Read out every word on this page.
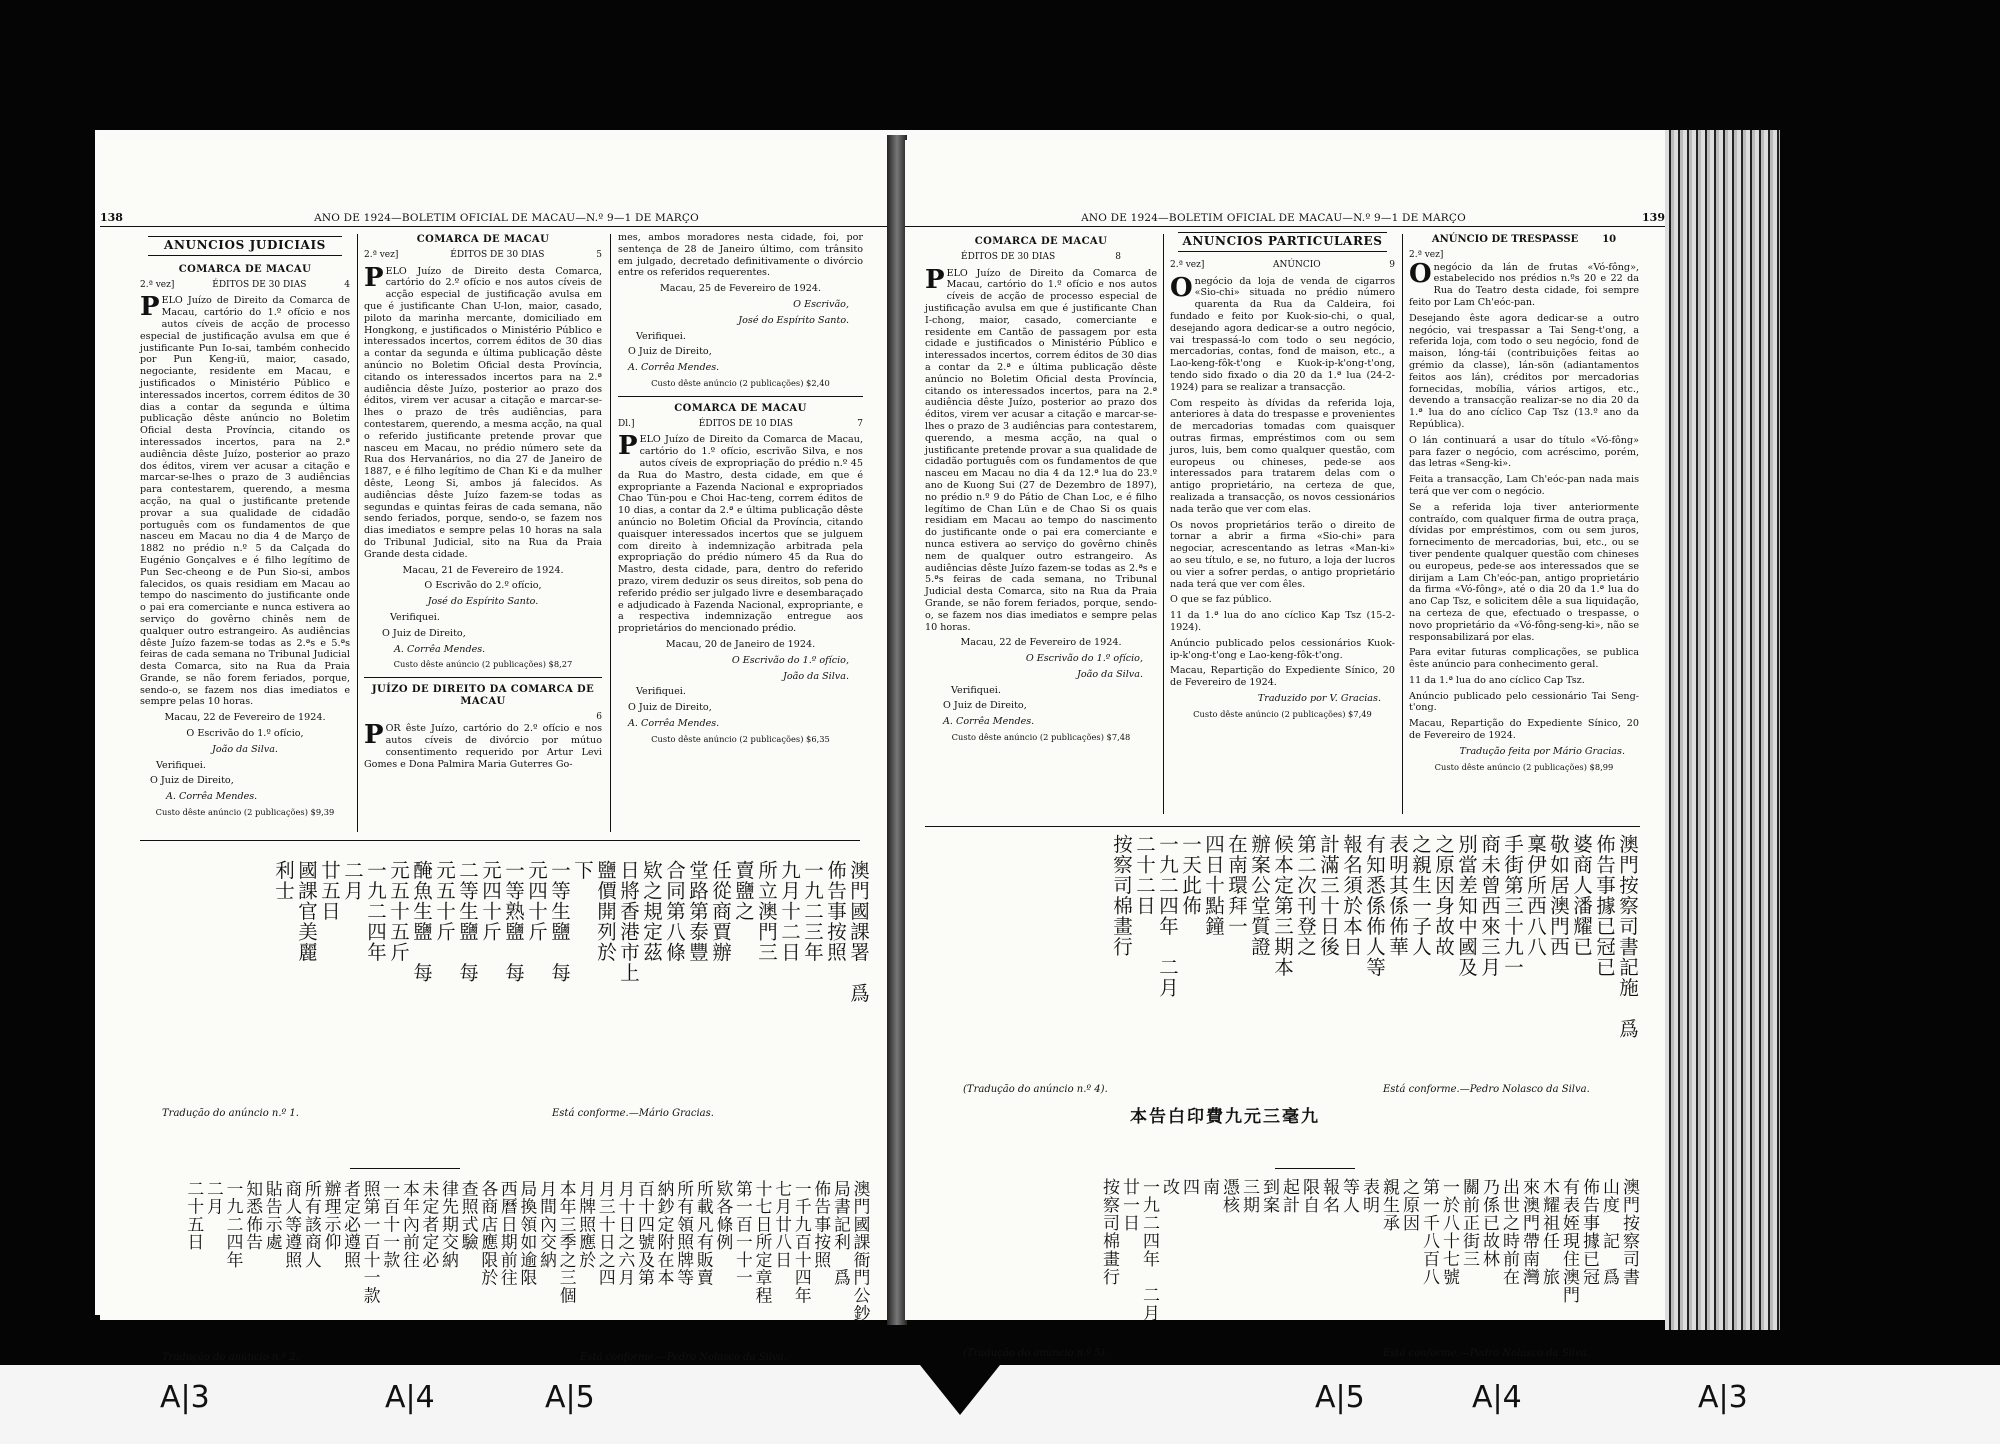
138	ANO DE 1924—BOLETIM OFICIAL DE MACAU—N.º 9—1 DE MARÇO
ANUNCIOS JUDICIAIS
COMARCA DE MACAU
2.ª vez]	ÉDITOS DE 30 DIAS	4

PELO Juízo de Direito da Comarca de Macau, cartório do 1.º ofício e nos autos cíveis de acção de processo especial de justificação avulsa em que é justificante Pun Io-sai, também conhecido por Pun Keng-iü, maior, casado, negociante, residente em Macau, e justificados o Ministério Público e interessados incertos, correm éditos de 30 dias a contar da segunda e última publicação dêste anúncio no Boletim Oficial desta Província, citando os interessados incertos, para na 2.ª audiência dêste Juízo, posterior ao prazo dos éditos, virem ver acusar a citação e marcar-se-lhes o prazo de 3 audiências para contestarem, querendo, a mesma acção, na qual o justificante pretende provar a sua qualidade de cidadão português com os fundamentos de que nasceu em Macau no dia 4 de Março de 1882 no prédio n.º 5 da Calçada do Eugénio Gonçalves e é filho legítimo de Pun Sec-cheong e de Pun Sio-si, ambos falecidos, os quais residiam em Macau ao tempo do nascimento do justificante onde o pai era comerciante e nunca estivera ao serviço do govêrno chinês nem de qualquer outro estrangeiro. As audiências dêste Juízo fazem-se todas as 2.ªs e 5.ªs feiras de cada semana no Tribunal Judicial desta Comarca, sito na Rua da Praia Grande, se não forem feriados, porque, sendo-o, se fazem nos dias imediatos e sempre pelas 10 horas.

Macau, 22 de Fevereiro de 1924.

O Escrivão do 1.º ofício,

João da Silva.

Verifiquei.

O Juiz de Direito,

A. Corrêa Mendes.

Custo dêste anúncio (2 publicações) $9,39
COMARCA DE MACAU
2.ª vez]	ÉDITOS DE 30 DIAS	5

PELO Juízo de Direito desta Comarca, cartório do 2.º ofício e nos autos cíveis de acção especial de justificação avulsa em que é justificante Chan U-lon, maior, casado, piloto da marinha mercante, domiciliado em Hongkong, e justificados o Ministério Público e interessados incertos, correm éditos de 30 dias a contar da segunda e última publicação dêste anúncio no Boletim Oficial desta Província, citando os interessados incertos para na 2.ª audiência dêste Juízo, posterior ao prazo dos éditos, virem ver acusar a citação e marcar-se-lhes o prazo de três audiências, para contestarem, querendo, a mesma acção, na qual o referido justificante pretende provar que nasceu em Macau, no prédio número sete da Rua dos Hervanários, no dia 27 de Janeiro de 1887, e é filho legítimo de Chan Ki e da mulher dêste, Leong Si, ambos já falecidos. As audiências dêste Juízo fazem-se todas as segundas e quintas feiras de cada semana, não sendo feriados, porque, sendo-o, se fazem nos dias imediatos e sempre pelas 10 horas na sala do Tribunal Judicial, sito na Rua da Praia Grande desta cidade.

Macau, 21 de Fevereiro de 1924.

O Escrivão do 2.º ofício,

José do Espírito Santo.

Verifiquei.

O Juiz de Direito,

A. Corrêa Mendes.

Custo dêste anúncio (2 publicações) $8,27
JUÍZO DE DIREITO DA COMARCA DE MACAU
6

POR êste Juízo, cartório do 2.º ofício e nos autos cíveis de divórcio por mútuo consentimento requerido por Artur Levi Gomes e Dona Palmira Maria Guterres Go-

mes, ambos moradores nesta cidade, foi, por sentença de 28 de Janeiro último, com trânsito em julgado, decretado definitivamente o divórcio entre os referidos requerentes.

Macau, 25 de Fevereiro de 1924.

O Escrivão,

José do Espírito Santo.

Verifiquei.

O Juiz de Direito,

A. Corrêa Mendes.

Custo dêste anúncio (2 publicações) $2,40
COMARCA DE MACAU
Dl.]	ÉDITOS DE 10 DIAS	7

PELO Juízo de Direito da Comarca de Macau, cartório do 1.º ofício, escrivão Silva, e nos autos cíveis de expropriação do prédio n.º 45 da Rua do Mastro, desta cidade, em que é expropriante a Fazenda Nacional e expropriados Chao Tün-pou e Choi Hac-teng, correm éditos de 10 dias, a contar da 2.ª e última publicação dêste anúncio no Boletim Oficial da Província, citando quaisquer interessados incertos que se julguem com direito à indemnização arbitrada pela expropriação do prédio número 45 da Rua do Mastro, desta cidade, para, dentro do referido prazo, virem deduzir os seus direitos, sob pena do referido prédio ser julgado livre e desembaraçado e adjudicado à Fazenda Nacional, expropriante, e a respectiva indemnização entregue aos proprietários do mencionado prédio.

Macau, 20 de Janeiro de 1924.

O Escrivão do 1.º ofício,

João da Silva.

Verifiquei.

O Juiz de Direito,

A. Corrêa Mendes.

Custo dêste anúncio (2 publicações) $6,35
澳門國課署　爲
佈告事按照
一九二三年
九月十二日
所立澳門三
賣鹽之
任從商賈辦
堂路第泰豐
合同第八條
欵之規定茲
日將香港市上
鹽價開列於
下
一等生鹽　每
元四十斤
一等熟鹽　每
元四十斤
二等生鹽　每
元五十斤
醃魚生鹽　每
元五十五斤
一九二四年
二月
廿五日
國課官美麗
利士
Tradução do anúncio n.º 1.	Está conforme.—Mário Gracias.
澳門國課衙門公鈔
局書記利　爲
佈告事按照
一千九百十四年
七月廿八日
十七日所定章程
第一百一十一
欵各條例
所載凡有販賣
所有領照牌等
納鈔定附在本
百十四號及第
月十日之六月
月三十日之四
月牌照應於
本年三季之三個
月間內交納
局換領如逾限
西曆日期前往
各商店應限於
查照式驗
律先期交納
未定者定必
本年內前往
一百十一款
照第一百十一款
者定必遵照
辦理示仰
所有該商人
商人等遵照
貼告示處
知悉佈告
一九二四年
二月
二十五日
Tradução do anúncio n.º 2.	Está conforme.—Pedro Nolasco da Silva.
ANO DE 1924—BOLETIM OFICIAL DE MACAU—N.º 9—1 DE MARÇO	139
COMARCA DE MACAU
ÉDITOS DE 30 DIAS	8

PELO Juízo de Direito da Comarca de Macau, cartório do 1.º ofício e nos autos cíveis de acção de processo especial de justificação avulsa em que é justificante Chan I-chong, maior, casado, comerciante e residente em Cantão de passagem por esta cidade e justificados o Ministério Público e interessados incertos, correm éditos de 30 dias a contar da 2.ª e última publicação dêste anúncio no Boletim Oficial desta Província, citando os interessados incertos, para na 2.ª audiência dêste Juízo, posterior ao prazo dos éditos, virem ver acusar a citação e marcar-se-lhes o prazo de 3 audiências para contestarem, querendo, a mesma acção, na qual o justificante pretende provar a sua qualidade de cidadão português com os fundamentos de que nasceu em Macau no dia 4 da 12.ª lua do 23.º ano de Kuong Sui (27 de Dezembro de 1897), no prédio n.º 9 do Pátio de Chan Loc, e é filho legítimo de Chan Lün e de Chao Si os quais residiam em Macau ao tempo do nascimento do justificante onde o pai era comerciante e nunca estivera ao serviço do govêrno chinês nem de qualquer outro estrangeiro. As audiências dêste Juízo fazem-se todas as 2.ªs e 5.ªs feiras de cada semana, no Tribunal Judicial desta Comarca, sito na Rua da Praia Grande, se não forem feriados, porque, sendo-o, se fazem nos dias imediatos e sempre pelas 10 horas.

Macau, 22 de Fevereiro de 1924.

O Escrivão do 1.º ofício,

João da Silva.

Verifiquei.

O Juiz de Direito,

A. Corrêa Mendes.

Custo dêste anúncio (2 publicações) $7,48
ANUNCIOS PARTICULARES
2.ª vez]	ANÚNCIO	9

Onegócio da loja de venda de cigarros «Sio-chi» situada no prédio número quarenta da Rua da Caldeira, foi fundado e feito por Kuok-sio-chi, o qual, desejando agora dedicar-se a outro negócio, vai trespassá-lo com todo o seu negócio, mercadorias, contas, fond de maison, etc., a Lao-keng-fôk-t'ong e Kuok-ip-k'ong-t'ong, tendo sido fixado o dia 20 da 1.ª lua (24-2-1924) para se realizar a transacção.

Com respeito às dívidas da referida loja, anteriores à data do trespasse e provenientes de mercadorias tomadas com quaisquer outras firmas, empréstimos com ou sem juros, luis, bem como qualquer questão, com europeus ou chineses, pede-se aos interessados para tratarem delas com o antigo proprietário, na certeza de que, realizada a transacção, os novos cessionários nada terão que ver com elas.

Os novos proprietários terão o direito de tornar a abrir a firma «Sio-chi» para negociar, acrescentando as letras «Man-ki» ao seu título, e se, no futuro, a loja der lucros ou vier a sofrer perdas, o antigo proprietário nada terá que ver com êles.

O que se faz público.

11 da 1.ª lua do ano cíclico Kap Tsz (15-2-1924).

Anúncio publicado pelos cessionários Kuok-ip-k'ong-t'ong e Lao-keng-fôk-t'ong.

Macau, Repartição do Expediente Sínico, 20 de Fevereiro de 1924.

Traduzido por V. Gracias.

Custo dêste anúncio (2 publicações) $7,49
ANÚNCIO DE TRESPASSE 10
2.ª vez]

Onegócio da lán de frutas «Vó-fông», estabelecido nos prédios n.ºs 20 e 22 da Rua do Teatro desta cidade, foi sempre feito por Lam Ch'eóc-pan.

Desejando êste agora dedicar-se a outro negócio, vai trespassar a Tai Seng-t'ong, a referida loja, com todo o seu negócio, fond de maison, lóng-tái (contribuições feitas ao grémio da classe), lán-sön (adiantamentos feitos aos lán), créditos por mercadorias fornecidas, mobília, vários artigos, etc., devendo a transacção realizar-se no dia 20 da 1.ª lua do ano cíclico Cap Tsz (13.º ano da República).

O lán continuará a usar do título «Vó-fông» para fazer o negócio, com acréscimo, porém, das letras «Seng-ki».

Feita a transacção, Lam Ch'eóc-pan nada mais terá que ver com o negócio.

Se a referida loja tiver anteriormente contraído, com qualquer firma de outra praça, dívidas por empréstimos, com ou sem juros, fornecimento de mercadorias, bui, etc., ou se tiver pendente qualquer questão com chineses ou europeus, pede-se aos interessados que se dirijam a Lam Ch'eóc-pan, antigo proprietário da firma «Vó-fông», até o dia 20 da 1.ª lua do ano Cap Tsz, e solicitem dêle a sua liquidação, na certeza de que, efectuado o trespasse, o novo proprietário da «Vó-fông-seng-ki», não se responsabilizará por elas.

Para evitar futuras complicações, se publica êste anúncio para conhecimento geral.

11 da 1.ª lua do ano cíclico Cap Tsz.

Anúncio publicado pelo cessionário Tai Seng-t'ong.

Macau, Repartição do Expediente Sínico, 20 de Fevereiro de 1924.

Tradução feita por Mário Gracias.

Custo dêste anúncio (2 publicações) $8,99
澳門按察司書記施　爲
佈告事據已冠已
婆商人潘耀已
敬如居澳門西
稟伊所西八八
手街第三十九一
商未曾西來三月
別當差知中國及
之原因身故故
之親生一子人
表明其係佈華
有知悉係佈人等
報名須於本日
計滿三十日後
第二次刊登之
候本定第三期本
辦案公堂質證
在南環拜一
四日十點鐘
一天此佈
一九二四年　二月
二十二日
按察司棉畫行
(Tradução do anúncio n.º 4).	Está conforme.—Pedro Nolasco da Silva.
本告白印費九元三毫九
澳門按察司書
山度　記　爲
佈告事據已冠
有表姪現住澳門
木耀祖任　旅
來澳門帶南灣
出世之時前在
乃係已故林
關前正街三
一於八十七號
第一千八百八
之原因
親生承
表明
等人
報名
限自
起計
到案
三期
憑核
南
四
改
一九二四年　二月
廿一日
按察司棉畫行
(Tradução do anúncio n.º 5).	Está conforme.—Pedro Nolasco da Silva.
A|3	A|4	A|5	A|5	A|4	A|3
